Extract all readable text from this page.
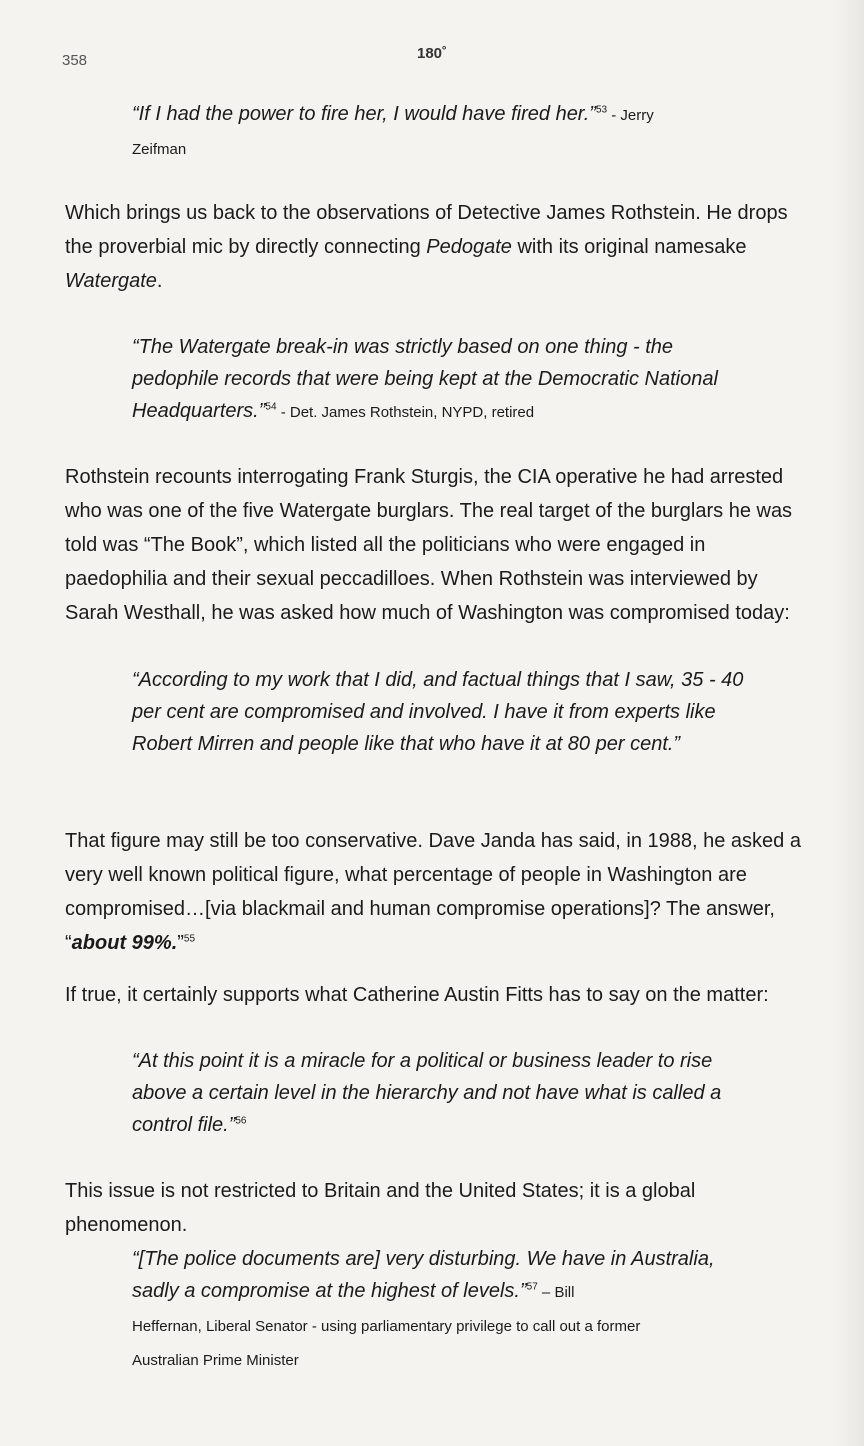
358	180˚
“If I had the power to fire her, I would have fired her.”$^{53}$ - Jerry
Zeifman

Which brings us back to the observations of Detective James Rothstein. He drops the proverbial mic by directly connecting Pedogate with its original namesake Watergate.

“The Watergate break-in was strictly based on one thing - the pedophile records that were being kept at the Democratic National Headquarters.”$^{54}$ - Det. James Rothstein, NYPD, retired

Rothstein recounts interrogating Frank Sturgis, the CIA operative he had arrested who was one of the five Watergate burglars. The real target of the burglars he was told was “The Book”, which listed all the politicians who were engaged in paedophilia and their sexual peccadilloes. When Rothstein was interviewed by Sarah Westhall, he was asked how much of Washington was compromised today:

“According to my work that I did, and factual things that I saw, 35 - 40 per cent are compromised and involved. I have it from experts like Robert Mirren and people like that who have it at 80 per cent.”

That figure may still be too conservative. Dave Janda has said, in 1988, he asked a very well known political figure, what percentage of people in Washington are compromised…[via blackmail and human compromise operations]? The answer, “about 99%.”$^{55}$

If true, it certainly supports what Catherine Austin Fitts has to say on the matter:

“At this point it is a miracle for a political or business leader to rise above a certain level in the hierarchy and not have what is called a control file.”$^{56}$

This issue is not restricted to Britain and the United States; it is a global phenomenon.

“[The police documents are] very disturbing. We have in Australia, sadly a compromise at the highest of levels.”$^{57}$ – Bill
Heffernan, Liberal Senator - using parliamentary privilege to call out a former
Australian Prime Minister
